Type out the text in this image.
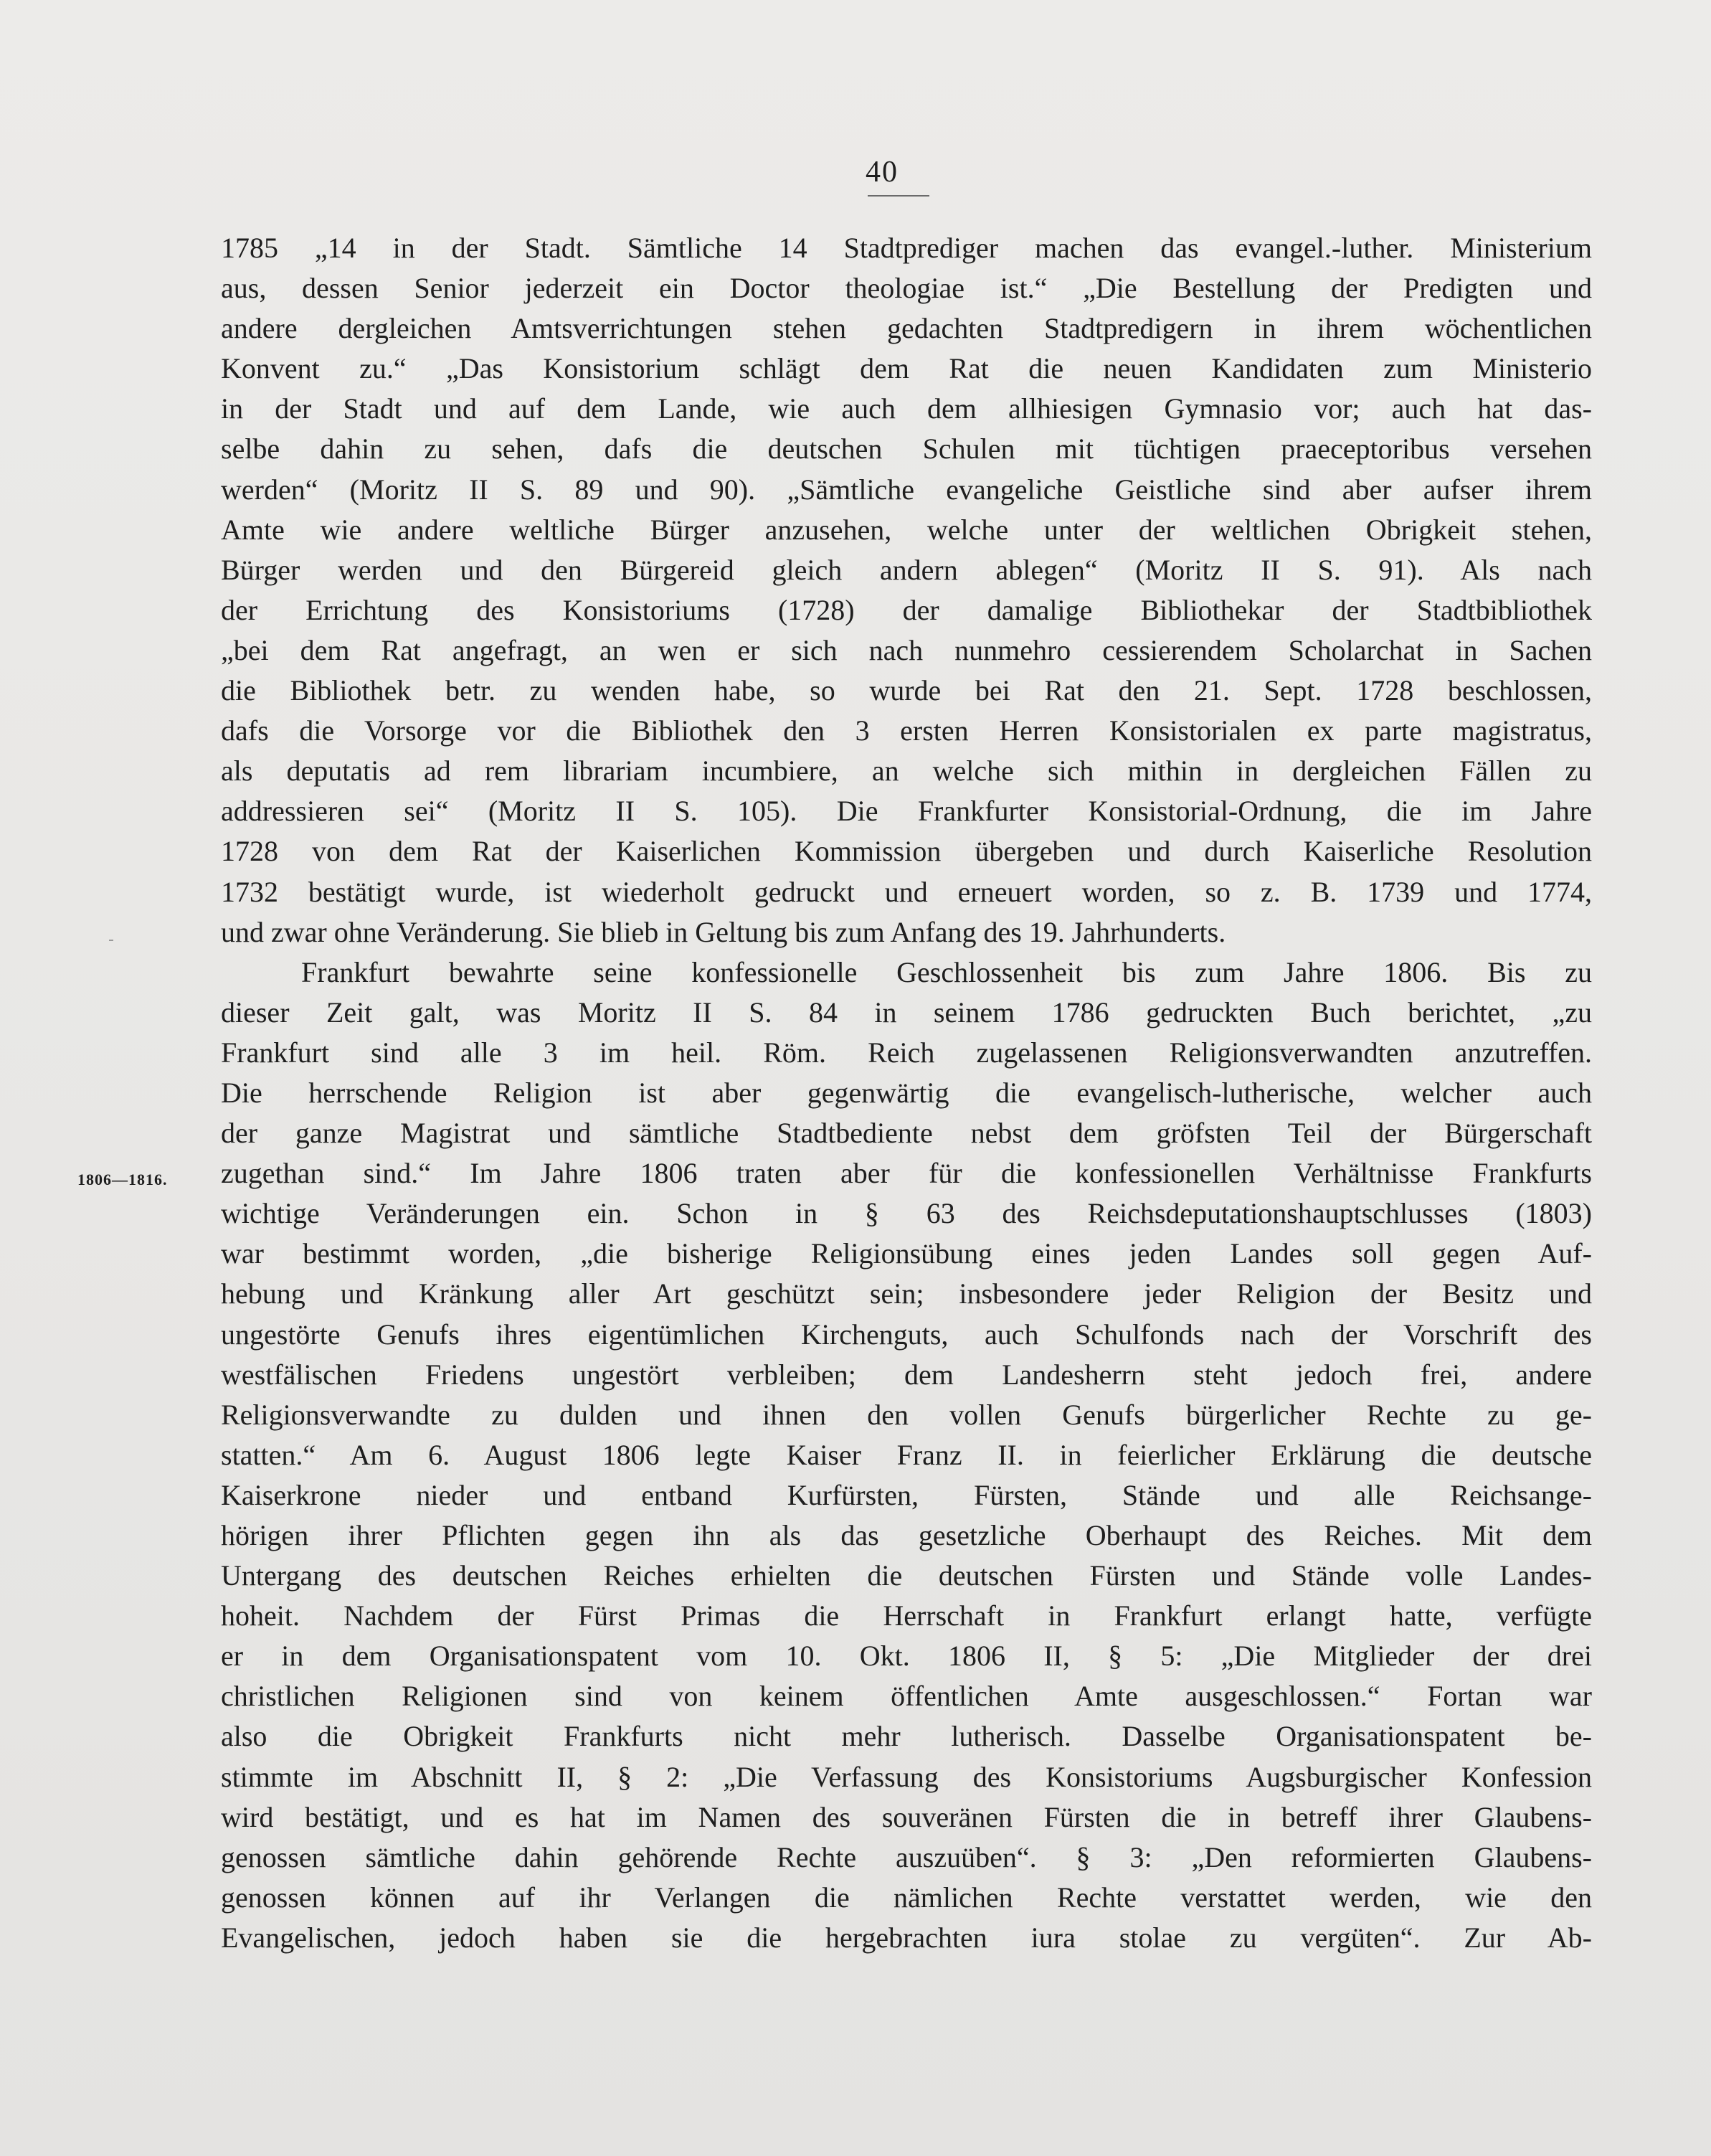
40
1806—1816.
1785 „14 in der Stadt. Sämtliche 14 Stadtprediger machen das evangel.-luther. Ministerium
aus, dessen Senior jederzeit ein Doctor theologiae ist.“ „Die Bestellung der Predigten und
andere dergleichen Amtsverrichtungen stehen gedachten Stadtpredigern in ihrem wöchentlichen
Konvent zu.“ „Das Konsistorium schlägt dem Rat die neuen Kandidaten zum Ministerio
in der Stadt und auf dem Lande, wie auch dem allhiesigen Gymnasio vor; auch hat das-
selbe dahin zu sehen, dafs die deutschen Schulen mit tüchtigen praeceptoribus versehen
werden“ (Moritz II S. 89 und 90). „Sämtliche evangeliche Geistliche sind aber aufser ihrem
Amte wie andere weltliche Bürger anzusehen, welche unter der weltlichen Obrigkeit stehen,
Bürger werden und den Bürgereid gleich andern ablegen“ (Moritz II S. 91). Als nach
der Errichtung des Konsistoriums (1728) der damalige Bibliothekar der Stadtbibliothek
„bei dem Rat angefragt, an wen er sich nach nunmehro cessierendem Scholarchat in Sachen
die Bibliothek betr. zu wenden habe, so wurde bei Rat den 21. Sept. 1728 beschlossen,
dafs die Vorsorge vor die Bibliothek den 3 ersten Herren Konsistorialen ex parte magistratus,
als deputatis ad rem librariam incumbiere, an welche sich mithin in dergleichen Fällen zu
addressieren sei“ (Moritz II S. 105). Die Frankfurter Konsistorial-Ordnung, die im Jahre
1728 von dem Rat der Kaiserlichen Kommission übergeben und durch Kaiserliche Resolution
1732 bestätigt wurde, ist wiederholt gedruckt und erneuert worden, so z. B. 1739 und 1774,
und zwar ohne Veränderung. Sie blieb in Geltung bis zum Anfang des 19. Jahrhunderts.
Frankfurt bewahrte seine konfessionelle Geschlossenheit bis zum Jahre 1806. Bis zu
dieser Zeit galt, was Moritz II S. 84 in seinem 1786 gedruckten Buch berichtet, „zu
Frankfurt sind alle 3 im heil. Röm. Reich zugelassenen Religionsverwandten anzutreffen.
Die herrschende Religion ist aber gegenwärtig die evangelisch-lutherische, welcher auch
der ganze Magistrat und sämtliche Stadtbediente nebst dem gröfsten Teil der Bürgerschaft
zugethan sind.“ Im Jahre 1806 traten aber für die konfessionellen Verhältnisse Frankfurts
wichtige Veränderungen ein. Schon in § 63 des Reichsdeputationshauptschlusses (1803)
war bestimmt worden, „die bisherige Religionsübung eines jeden Landes soll gegen Auf-
hebung und Kränkung aller Art geschützt sein; insbesondere jeder Religion der Besitz und
ungestörte Genufs ihres eigentümlichen Kirchenguts, auch Schulfonds nach der Vorschrift des
westfälischen Friedens ungestört verbleiben; dem Landesherrn steht jedoch frei, andere
Religionsverwandte zu dulden und ihnen den vollen Genufs bürgerlicher Rechte zu ge-
statten.“ Am 6. August 1806 legte Kaiser Franz II. in feierlicher Erklärung die deutsche
Kaiserkrone nieder und entband Kurfürsten, Fürsten, Stände und alle Reichsange-
hörigen ihrer Pflichten gegen ihn als das gesetzliche Oberhaupt des Reiches. Mit dem
Untergang des deutschen Reiches erhielten die deutschen Fürsten und Stände volle Landes-
hoheit. Nachdem der Fürst Primas die Herrschaft in Frankfurt erlangt hatte, verfügte
er in dem Organisationspatent vom 10. Okt. 1806 II, § 5: „Die Mitglieder der drei
christlichen Religionen sind von keinem öffentlichen Amte ausgeschlossen.“ Fortan war
also die Obrigkeit Frankfurts nicht mehr lutherisch. Dasselbe Organisationspatent be-
stimmte im Abschnitt II, § 2: „Die Verfassung des Konsistoriums Augsburgischer Konfession
wird bestätigt, und es hat im Namen des souveränen Fürsten die in betreff ihrer Glaubens-
genossen sämtliche dahin gehörende Rechte auszuüben“. § 3: „Den reformierten Glaubens-
genossen können auf ihr Verlangen die nämlichen Rechte verstattet werden, wie den
Evangelischen, jedoch haben sie die hergebrachten iura stolae zu vergüten“. Zur Ab-
